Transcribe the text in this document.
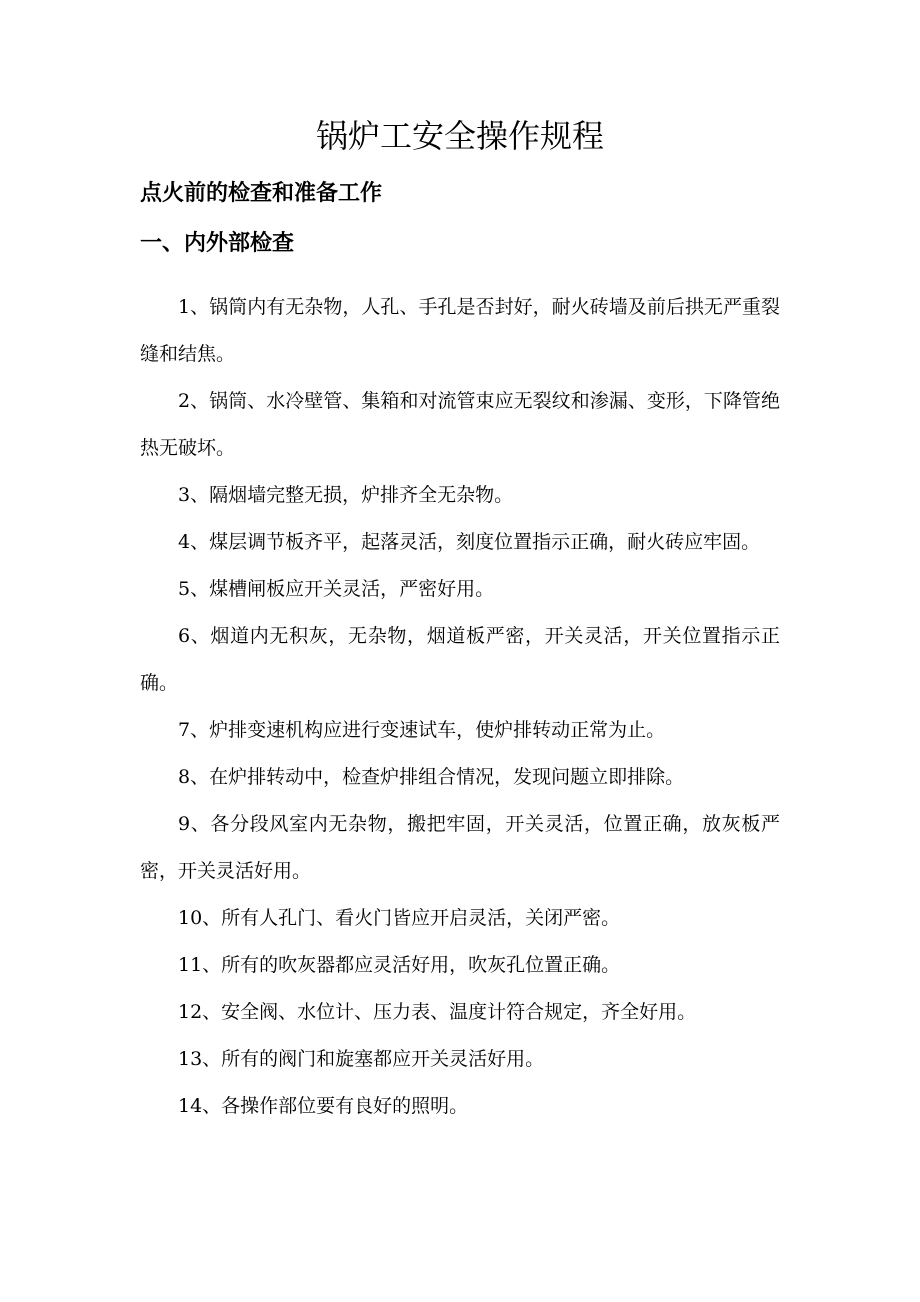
锅炉工安全操作规程
点火前的检查和准备工作
一、内外部检查

1、锅筒内有无杂物，人孔、手孔是否封好，耐火砖墙及前后拱无严重裂缝和结焦。

2、锅筒、水冷壁管、集箱和对流管束应无裂纹和渗漏、变形，下降管绝热无破坏。

3、隔烟墙完整无损，炉排齐全无杂物。

4、煤层调节板齐平，起落灵活，刻度位置指示正确，耐火砖应牢固。

5、煤槽闸板应开关灵活，严密好用。

6、烟道内无积灰，无杂物，烟道板严密，开关灵活，开关位置指示正确。

7、炉排变速机构应进行变速试车，使炉排转动正常为止。

8、在炉排转动中，检查炉排组合情况，发现问题立即排除。

9、各分段风室内无杂物，搬把牢固，开关灵活，位置正确，放灰板严密，开关灵活好用。

10、所有人孔门、看火门皆应开启灵活，关闭严密。

11、所有的吹灰器都应灵活好用，吹灰孔位置正确。

12、安全阀、水位计、压力表、温度计符合规定，齐全好用。

13、所有的阀门和旋塞都应开关灵活好用。

14、各操作部位要有良好的照明。
